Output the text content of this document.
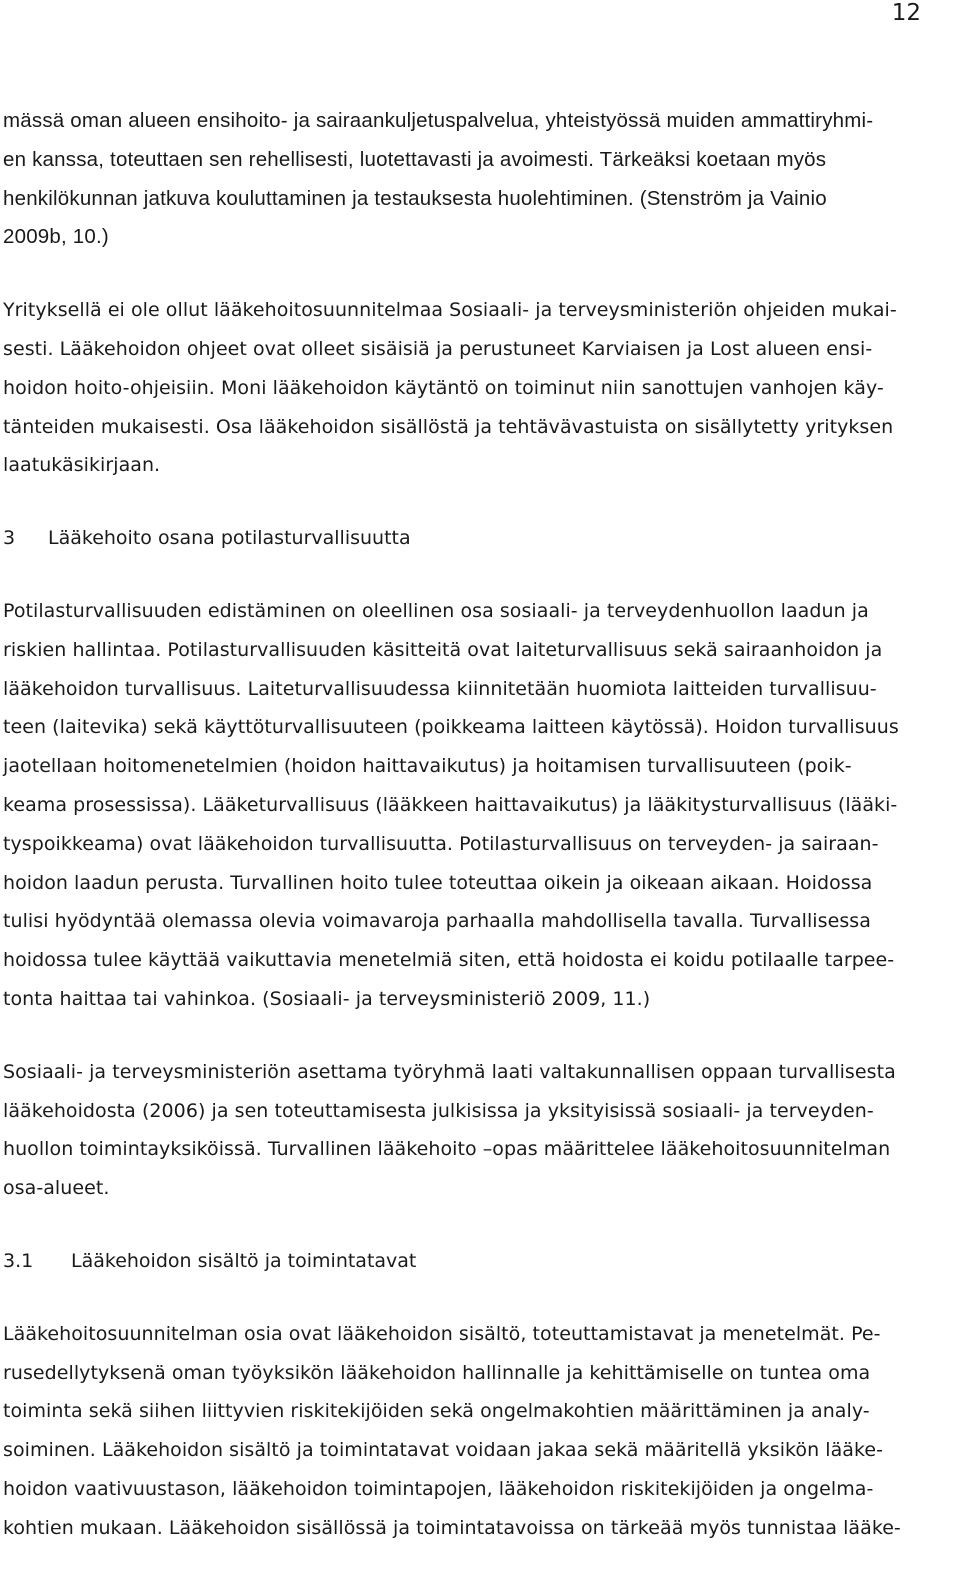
12
mässä oman alueen ensihoito- ja sairaankuljetuspalvelua, yhteistyössä muiden ammattiryhmi-
en kanssa, toteuttaen sen rehellisesti, luotettavasti ja avoimesti. Tärkeäksi koetaan myös
henkilökunnan jatkuva kouluttaminen ja testauksesta huolehtiminen. (Stenström ja Vainio
2009b, 10.)
Yrityksellä ei ole ollut lääkehoitosuunnitelmaa Sosiaali- ja terveysministeriön ohjeiden mukai-
sesti. Lääkehoidon ohjeet ovat olleet sisäisiä ja perustuneet Karviaisen ja Lost alueen ensi-
hoidon hoito-ohjeisiin. Moni lääkehoidon käytäntö on toiminut niin sanottujen vanhojen käy-
tänteiden mukaisesti. Osa lääkehoidon sisällöstä ja tehtävävastuista on sisällytetty yrityksen
laatukäsikirjaan.
3 Lääkehoito osana potilasturvallisuutta
Potilasturvallisuuden edistäminen on oleellinen osa sosiaali- ja terveydenhuollon laadun ja
riskien hallintaa. Potilasturvallisuuden käsitteitä ovat laiteturvallisuus sekä sairaanhoidon ja
lääkehoidon turvallisuus. Laiteturvallisuudessa kiinnitetään huomiota laitteiden turvallisuu-
teen (laitevika) sekä käyttöturvallisuuteen (poikkeama laitteen käytössä). Hoidon turvallisuus
jaotellaan hoitomenetelmien (hoidon haittavaikutus) ja hoitamisen turvallisuuteen (poik-
keama prosessissa). Lääketurvallisuus (lääkkeen haittavaikutus) ja lääkitysturvallisuus (lääki-
tyspoikkeama) ovat lääkehoidon turvallisuutta. Potilasturvallisuus on terveyden- ja sairaan-
hoidon laadun perusta. Turvallinen hoito tulee toteuttaa oikein ja oikeaan aikaan. Hoidossa
tulisi hyödyntää olemassa olevia voimavaroja parhaalla mahdollisella tavalla. Turvallisessa
hoidossa tulee käyttää vaikuttavia menetelmiä siten, että hoidosta ei koidu potilaalle tarpee-
tonta haittaa tai vahinkoa. (Sosiaali- ja terveysministeriö 2009, 11.)
Sosiaali- ja terveysministeriön asettama työryhmä laati valtakunnallisen oppaan turvallisesta
lääkehoidosta (2006) ja sen toteuttamisesta julkisissa ja yksityisissä sosiaali- ja terveyden-
huollon toimintayksiköissä. Turvallinen lääkehoito –opas määrittelee lääkehoitosuunnitelman
osa-alueet.
3.1 Lääkehoidon sisältö ja toimintatavat
Lääkehoitosuunnitelman osia ovat lääkehoidon sisältö, toteuttamistavat ja menetelmät. Pe-
rusedellytyksenä oman työyksikön lääkehoidon hallinnalle ja kehittämiselle on tuntea oma
toiminta sekä siihen liittyvien riskitekijöiden sekä ongelmakohtien määrittäminen ja analy-
soiminen. Lääkehoidon sisältö ja toimintatavat voidaan jakaa sekä määritellä yksikön lääke-
hoidon vaativuustason, lääkehoidon toimintapojen, lääkehoidon riskitekijöiden ja ongelma-
kohtien mukaan. Lääkehoidon sisällössä ja toimintatavoissa on tärkeää myös tunnistaa lääke-
